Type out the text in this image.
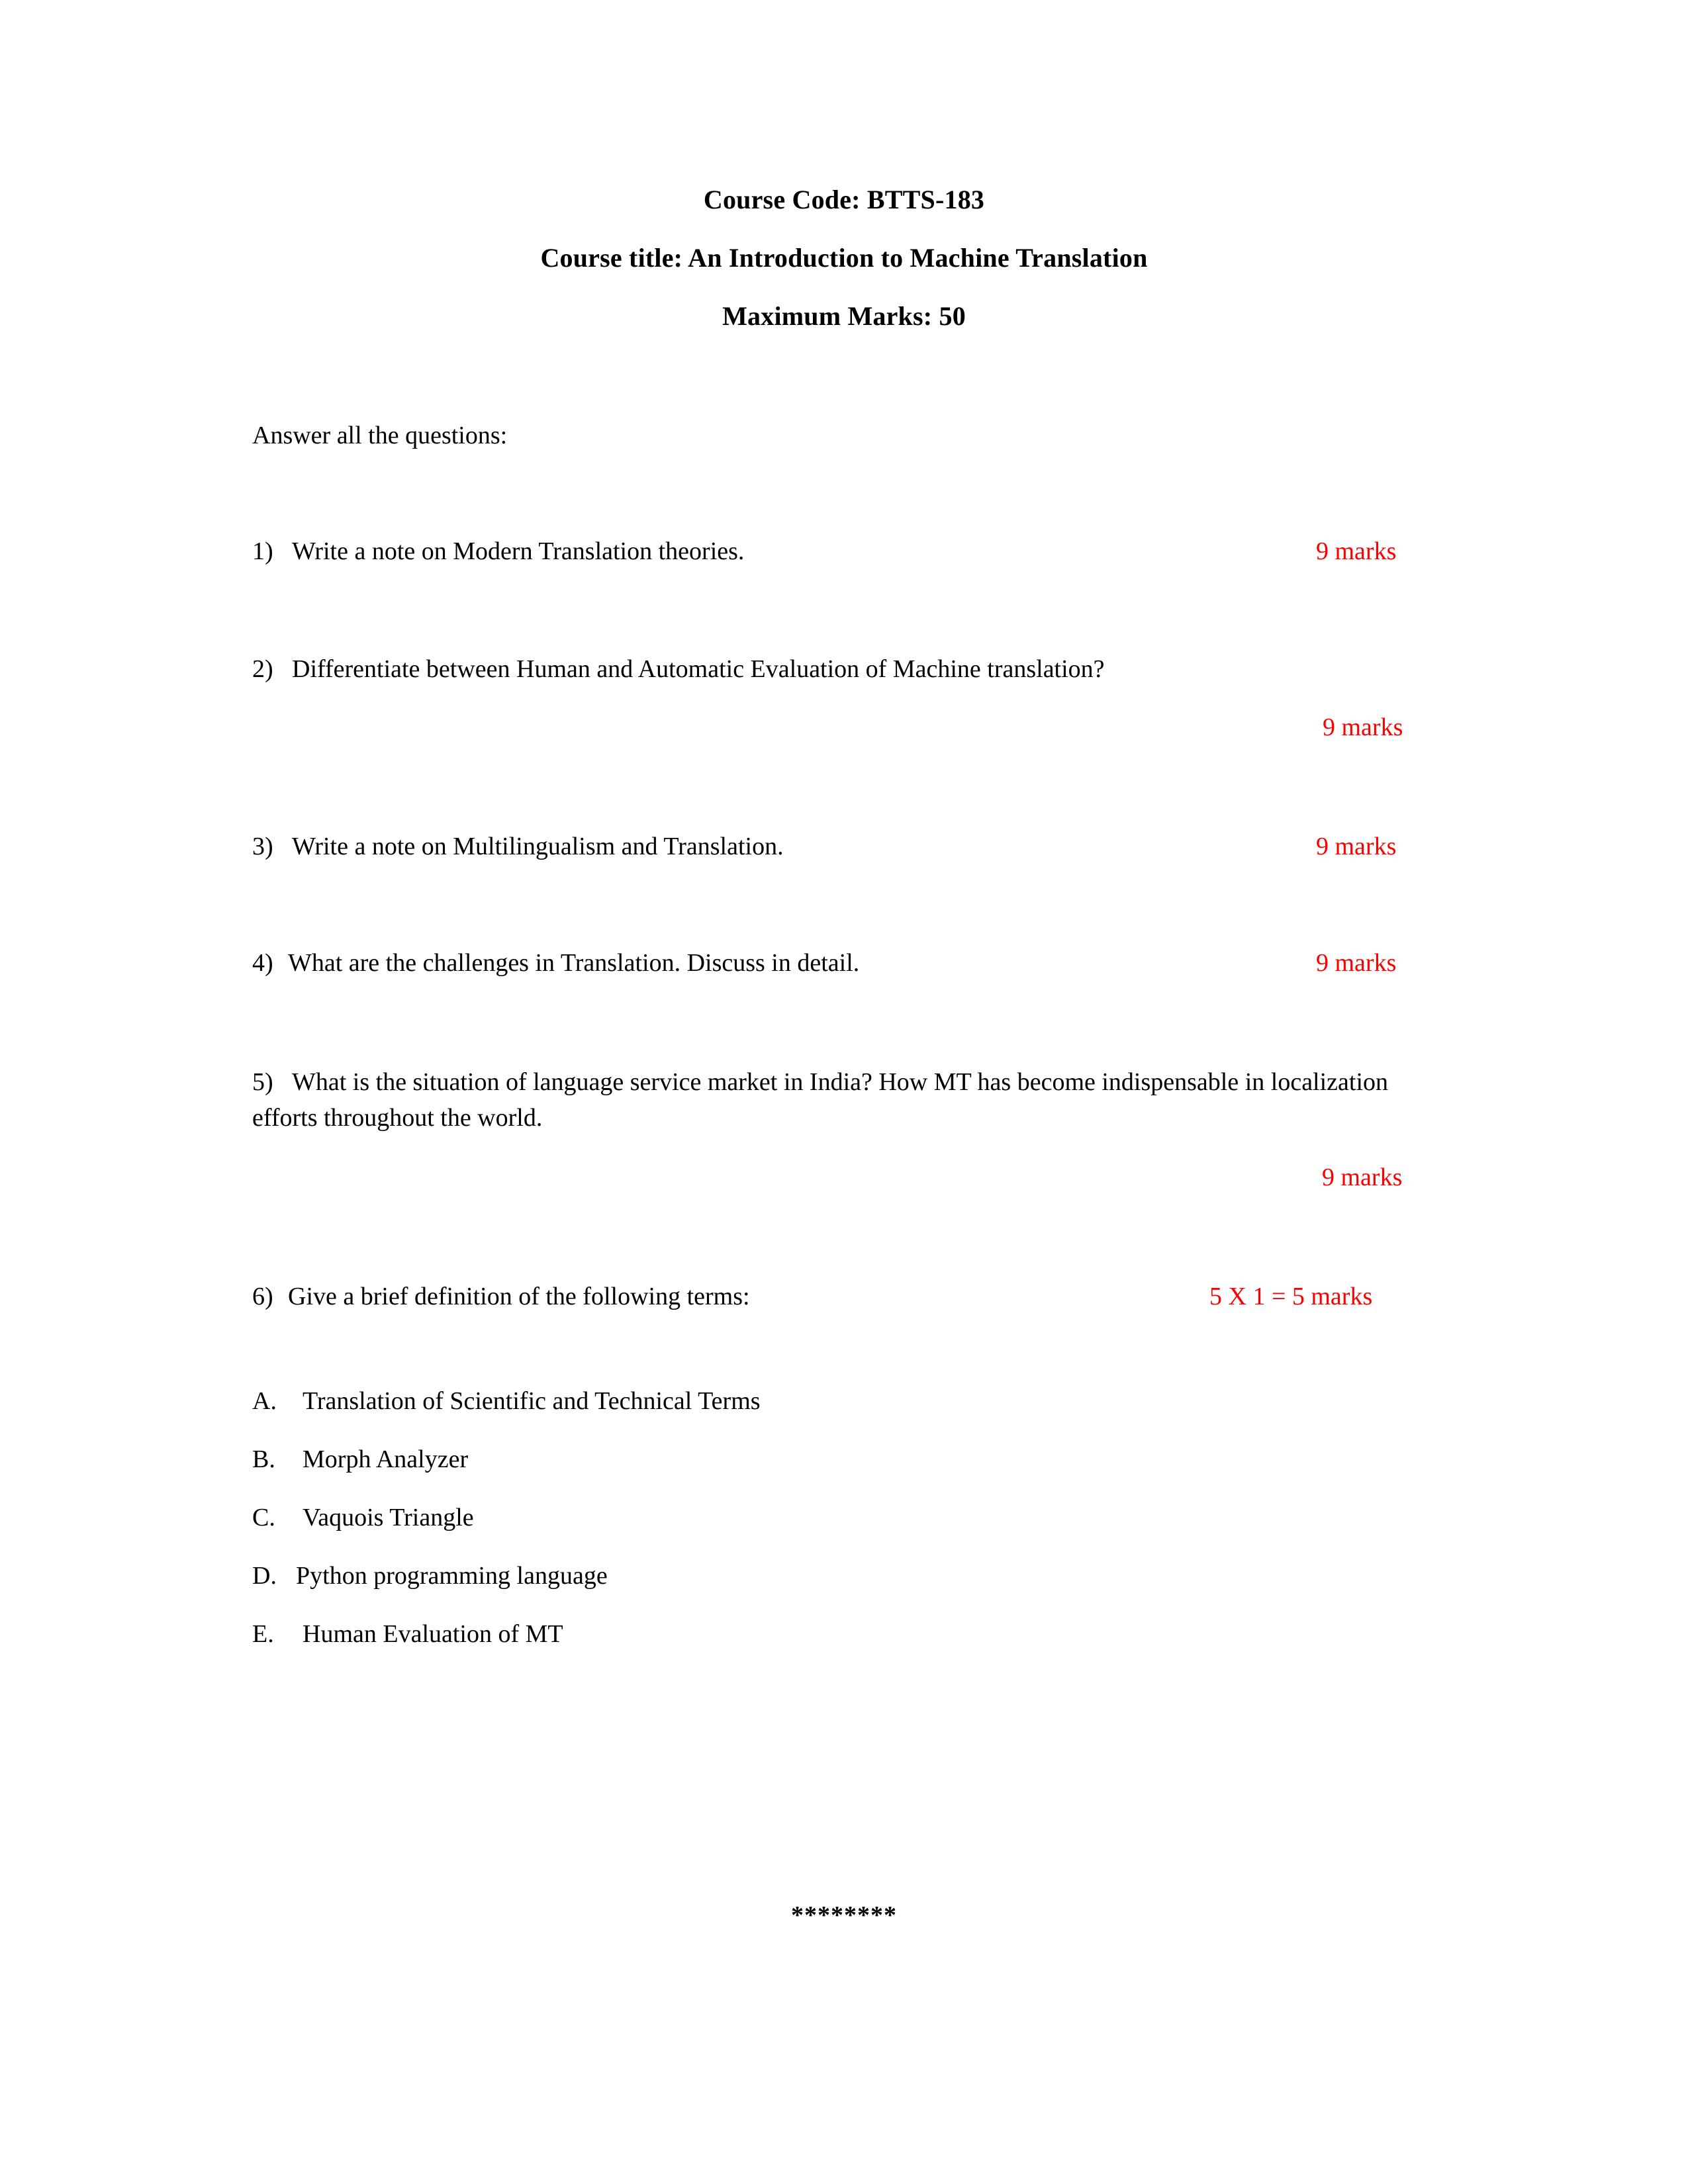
Course Code: BTTS-183
Course title: An Introduction to Machine Translation
Maximum Marks: 50
Answer all the questions:
1) Write a note on Modern Translation theories.	9 marks
2) Differentiate between Human and Automatic Evaluation of Machine translation?
9 marks
3) Write a note on Multilingualism and Translation.	9 marks
4) What are the challenges in Translation. Discuss in detail.	9 marks
5) What is the situation of language service market in India? How MT has become indispensable in localization efforts throughout the world.
9 marks
6) Give a brief definition of the following terms:	5 X 1 = 5 marks
A. Translation of Scientific and Technical Terms
B. Morph Analyzer
C. Vaquois Triangle
D. Python programming language
E. Human Evaluation of MT
********
